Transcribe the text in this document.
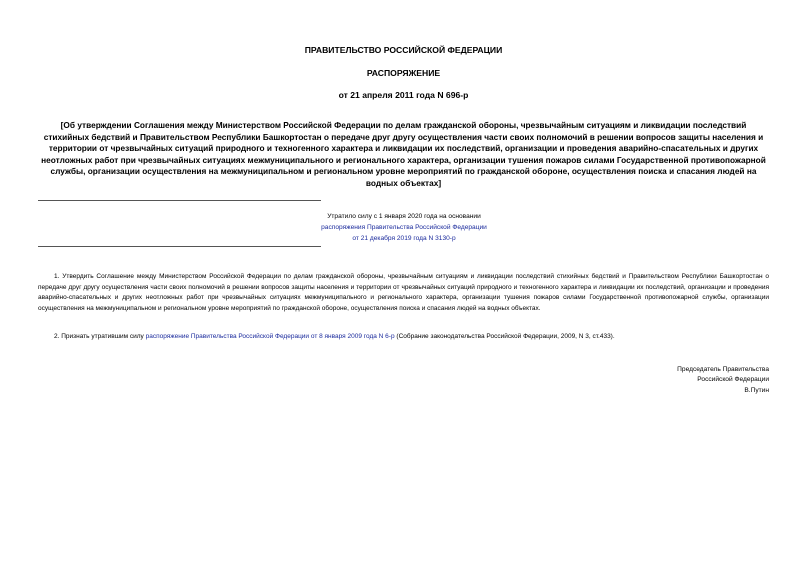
ПРАВИТЕЛЬСТВО РОССИЙСКОЙ ФЕДЕРАЦИИ
РАСПОРЯЖЕНИЕ
от 21 апреля 2011 года N 696-р
[Об утверждении Соглашения между Министерством Российской Федерации по делам гражданской обороны, чрезвычайным ситуациям и ликвидации последствий стихийных бедствий и Правительством Республики Башкортостан о передаче друг другу осуществления части своих полномочий в решении вопросов защиты населения и территории от чрезвычайных ситуаций природного и техногенного характера и ликвидации их последствий, организации и проведения аварийно-спасательных и других неотложных работ при чрезвычайных ситуациях межмуниципального и регионального характера, организации тушения пожаров силами Государственной противопожарной службы, организации осуществления на межмуниципальном и региональном уровне мероприятий по гражданской обороне, осуществления поиска и спасания людей на водных объектах]
Утратило силу с 1 января 2020 года на основании
распоряжения Правительства Российской Федерации
от 21 декабря 2019 года N 3130-р
1. Утвердить Соглашение между Министерством Российской Федерации по делам гражданской обороны, чрезвычайным ситуациям и ликвидации последствий стихийных бедствий и Правительством Республики Башкортостан о передаче друг другу осуществления части своих полномочий в решении вопросов защиты населения и территории от чрезвычайных ситуаций природного и техногенного характера и ликвидации их последствий, организации и проведения аварийно-спасательных и других неотложных работ при чрезвычайных ситуациях межмуниципального и регионального характера, организации тушения пожаров силами Государственной противопожарной службы, организации осуществления на межмуниципальном и региональном уровне мероприятий по гражданской обороне, осуществления поиска и спасания людей на водных объектах.
2. Признать утратившим силу распоряжение Правительства Российской Федерации от 8 января 2009 года N 6-р (Собрание законодательства Российской Федерации, 2009, N 3, ст.433).
Председатель Правительства
Российской Федерации
В.Путин
